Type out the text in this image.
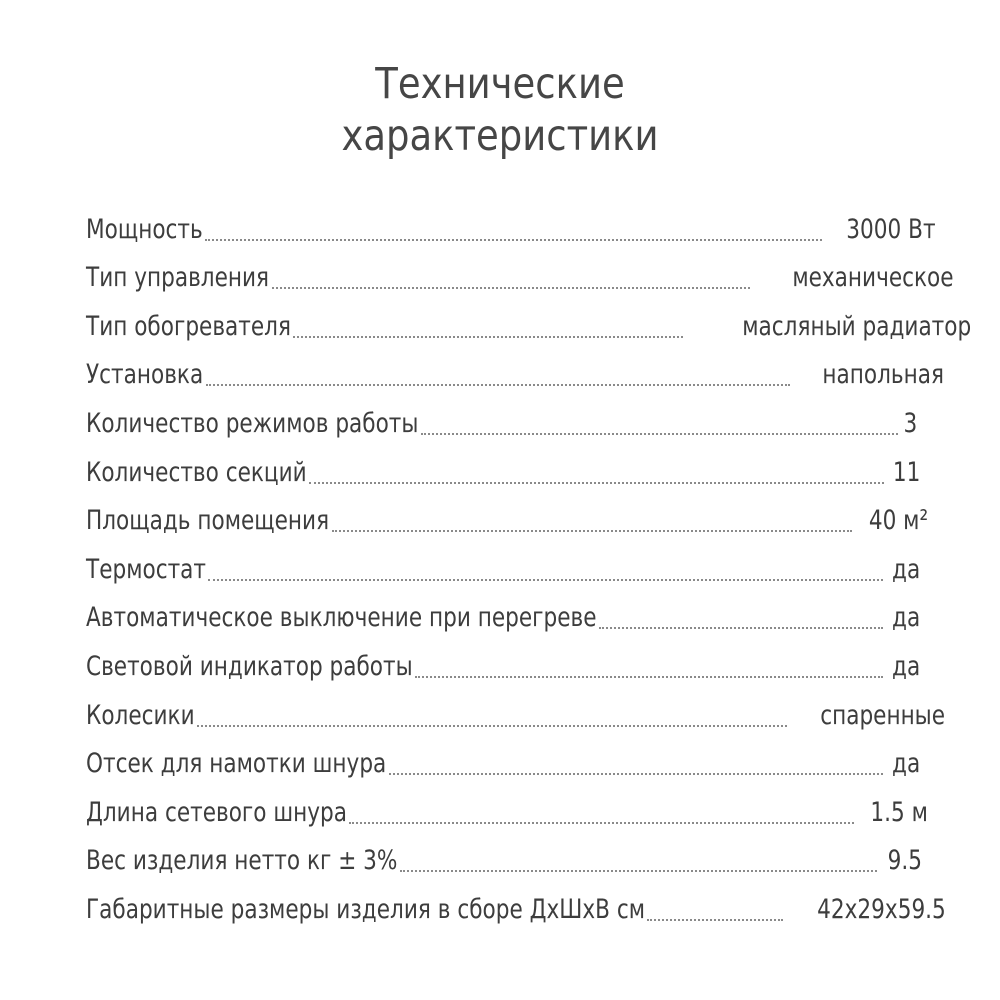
Технические
характеристики
Мощность	3000 Вт
Тип управления	механическое
Тип обогревателя	масляный радиатор
Установка	напольная
Количество режимов работы	3
Количество секций	11
Площадь помещения	40 м²
Термостат	да
Автоматическое выключение при перегреве	да
Световой индикатор работы	да
Колесики	спаренные
Отсек для намотки шнура	да
Длина сетевого шнура	1.5 м
Вес изделия нетто кг ± 3%	9.5
Габаритные размеры изделия в сборе ДхШхВ см	42x29x59.5
